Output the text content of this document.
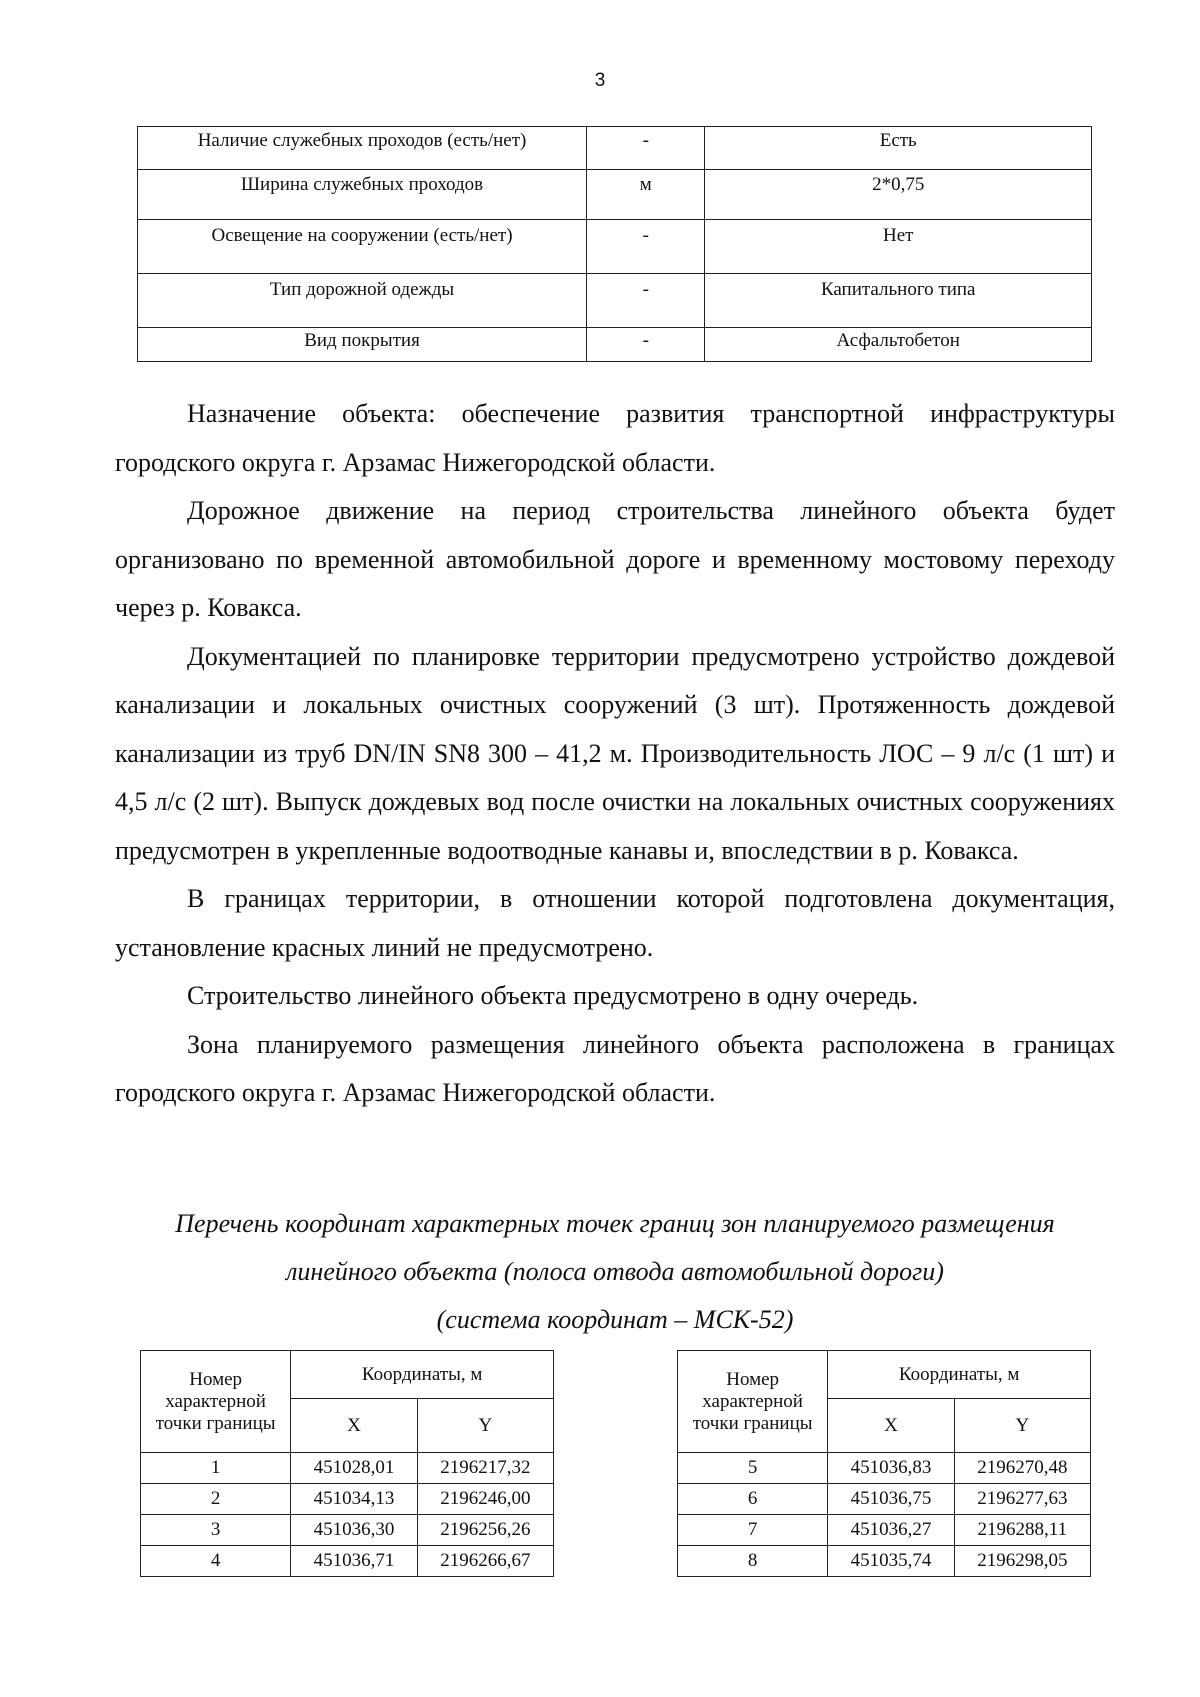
3
Наличие служебных проходов (есть/нет)	-	Есть
Ширина служебных проходов	м	2*0,75
Освещение на сооружении (есть/нет)	-	Нет
Тип дорожной одежды	-	Капитального типа
Вид покрытия	-	Асфальтобетон

Назначение объекта: обеспечение развития транспортной инфраструктуры городского округа г. Арзамас Нижегородской области.

Дорожное движение на период строительства линейного объекта будет организовано по временной автомобильной дороге и временному мостовому переходу через р. Ковакса.

Документацией по планировке территории предусмотрено устройство дождевой канализации и локальных очистных сооружений (3 шт). Протяженность дождевой канализации из труб DN/IN SN8 300 – 41,2 м. Производительность ЛОС – 9 л/с (1 шт) и 4,5 л/с (2 шт). Выпуск дождевых вод после очистки на локальных очистных сооружениях предусмотрен в укрепленные водоотводные канавы и, впоследствии в р. Ковакса.

В границах территории, в отношении которой подготовлена документация, установление красных линий не предусмотрено.

Строительство линейного объекта предусмотрено в одну очередь.

Зона планируемого размещения линейного объекта расположена в границах городского округа г. Арзамас Нижегородской области.

Перечень координат характерных точек границ зон планируемого размещения
линейного объекта (полоса отвода автомобильной дороги)
(система координат – МСК-52)
Номер характерной точки границы	Координаты, м	
	X	Y
1	451028,01	2196217,32
2	451034,13	2196246,00
3	451036,30	2196256,26
4	451036,71	2196266,67
Номер характерной точки границы	Координаты, м	
	X	Y
5	451036,83	2196270,48
6	451036,75	2196277,63
7	451036,27	2196288,11
8	451035,74	2196298,05
